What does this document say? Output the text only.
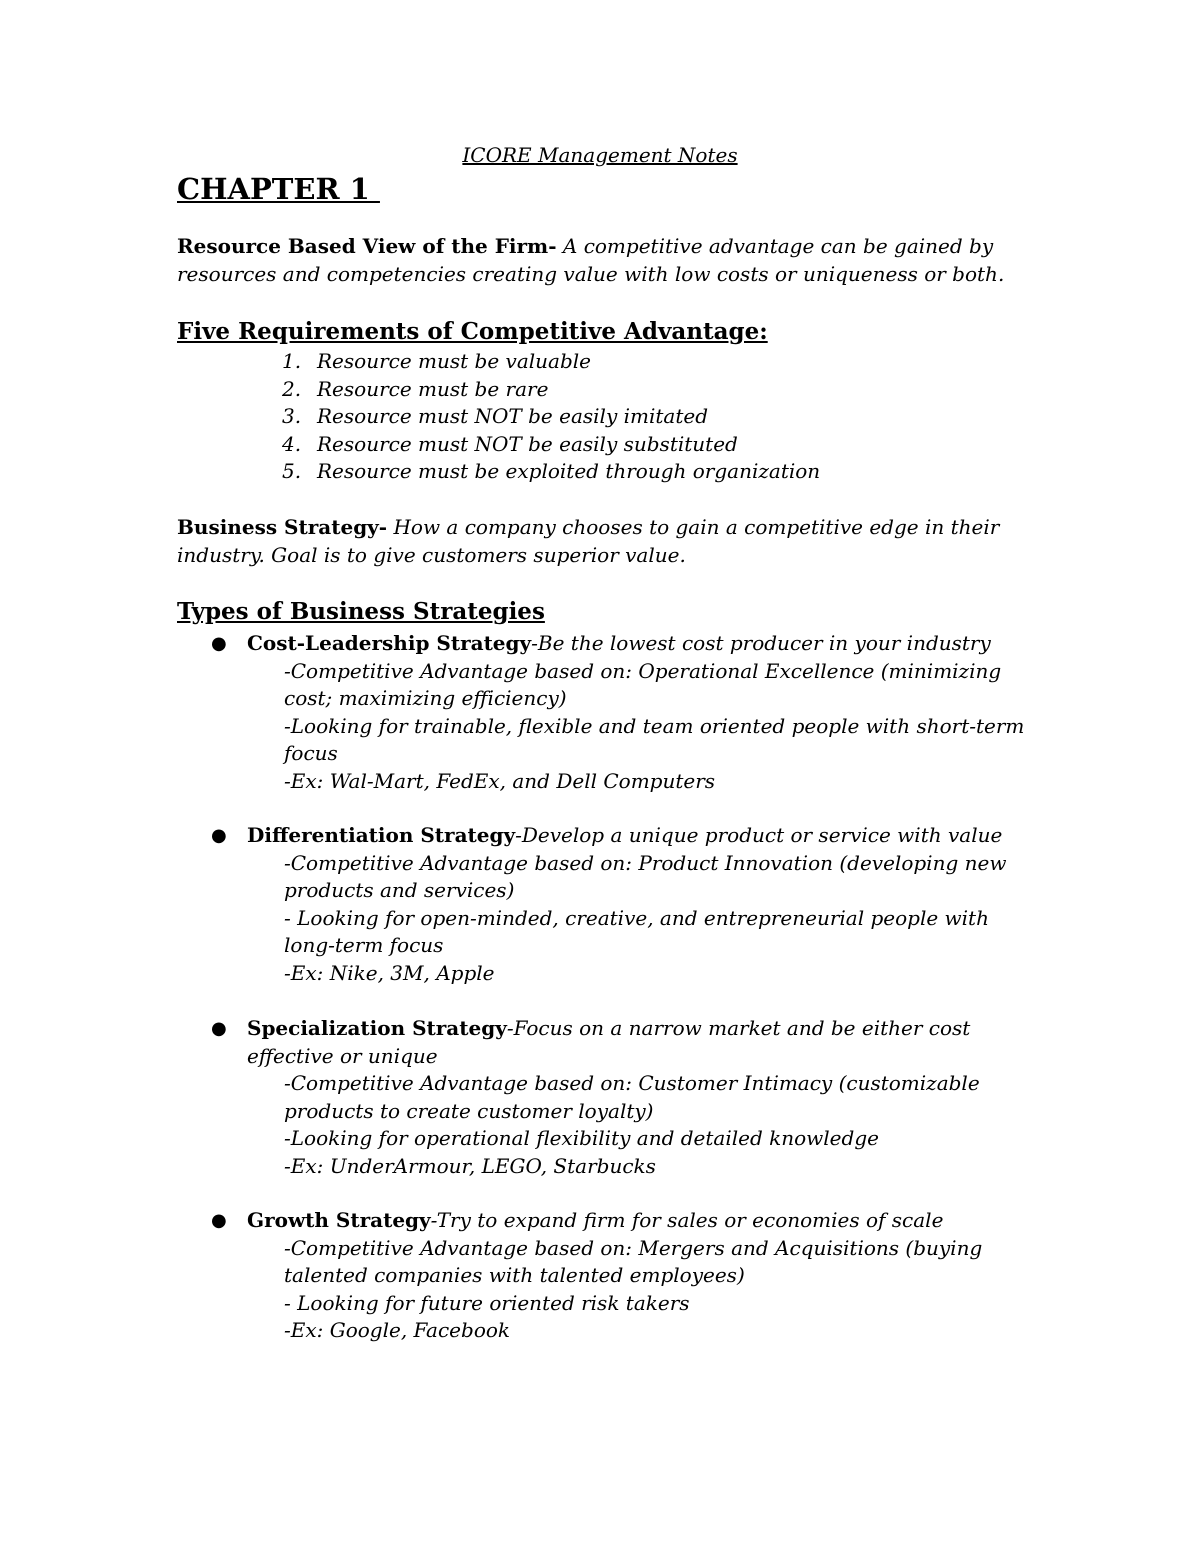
ICORE Management Notes
CHAPTER 1
Resource Based View of the Firm- A competitive advantage can be gained by resources and competencies creating value with low costs or uniqueness or both.
Five Requirements of Competitive Advantage:
1. Resource must be valuable
2. Resource must be rare
3. Resource must NOT be easily imitated
4. Resource must NOT be easily substituted
5. Resource must be exploited through organization
Business Strategy- How a company chooses to gain a competitive edge in their industry. Goal is to give customers superior value.
Types of Business Strategies
●	Cost-Leadership Strategy-Be the lowest cost producer in your industry
-Competitive Advantage based on: Operational Excellence (minimizing cost; maximizing efficiency)
-Looking for trainable, flexible and team oriented people with short-term focus
-Ex: Wal-Mart, FedEx, and Dell Computers
●	Differentiation Strategy-Develop a unique product or service with value
-Competitive Advantage based on: Product Innovation (developing new products and services)
- Looking for open-minded, creative, and entrepreneurial people with long-term focus
-Ex: Nike, 3M, Apple
●	Specialization Strategy-Focus on a narrow market and be either cost effective or unique
-Competitive Advantage based on: Customer Intimacy (customizable products to create customer loyalty)
-Looking for operational flexibility and detailed knowledge
-Ex: UnderArmour, LEGO, Starbucks
●	Growth Strategy-Try to expand firm for sales or economies of scale
-Competitive Advantage based on: Mergers and Acquisitions (buying talented companies with talented employees)
- Looking for future oriented risk takers
-Ex: Google, Facebook
